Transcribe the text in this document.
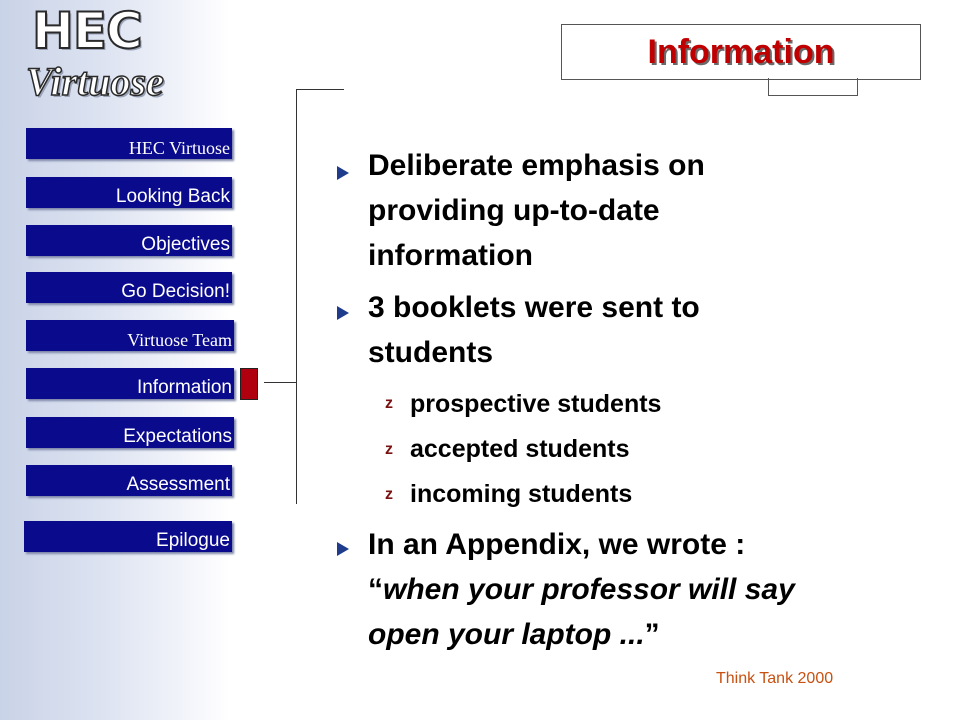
HEC
Virtuose
HEC Virtuose
Looking Back
Objectives
Go Decision!
Virtuose Team
Information
Expectations
Assessment
Epilogue
Information
Deliberate emphasis on
providing up-to-date
information
3 booklets were sent to
students
z prospective students
z accepted students
z incoming students
In an Appendix, we wrote :
“when your professor will say
open your laptop ...”
Think Tank 2000
